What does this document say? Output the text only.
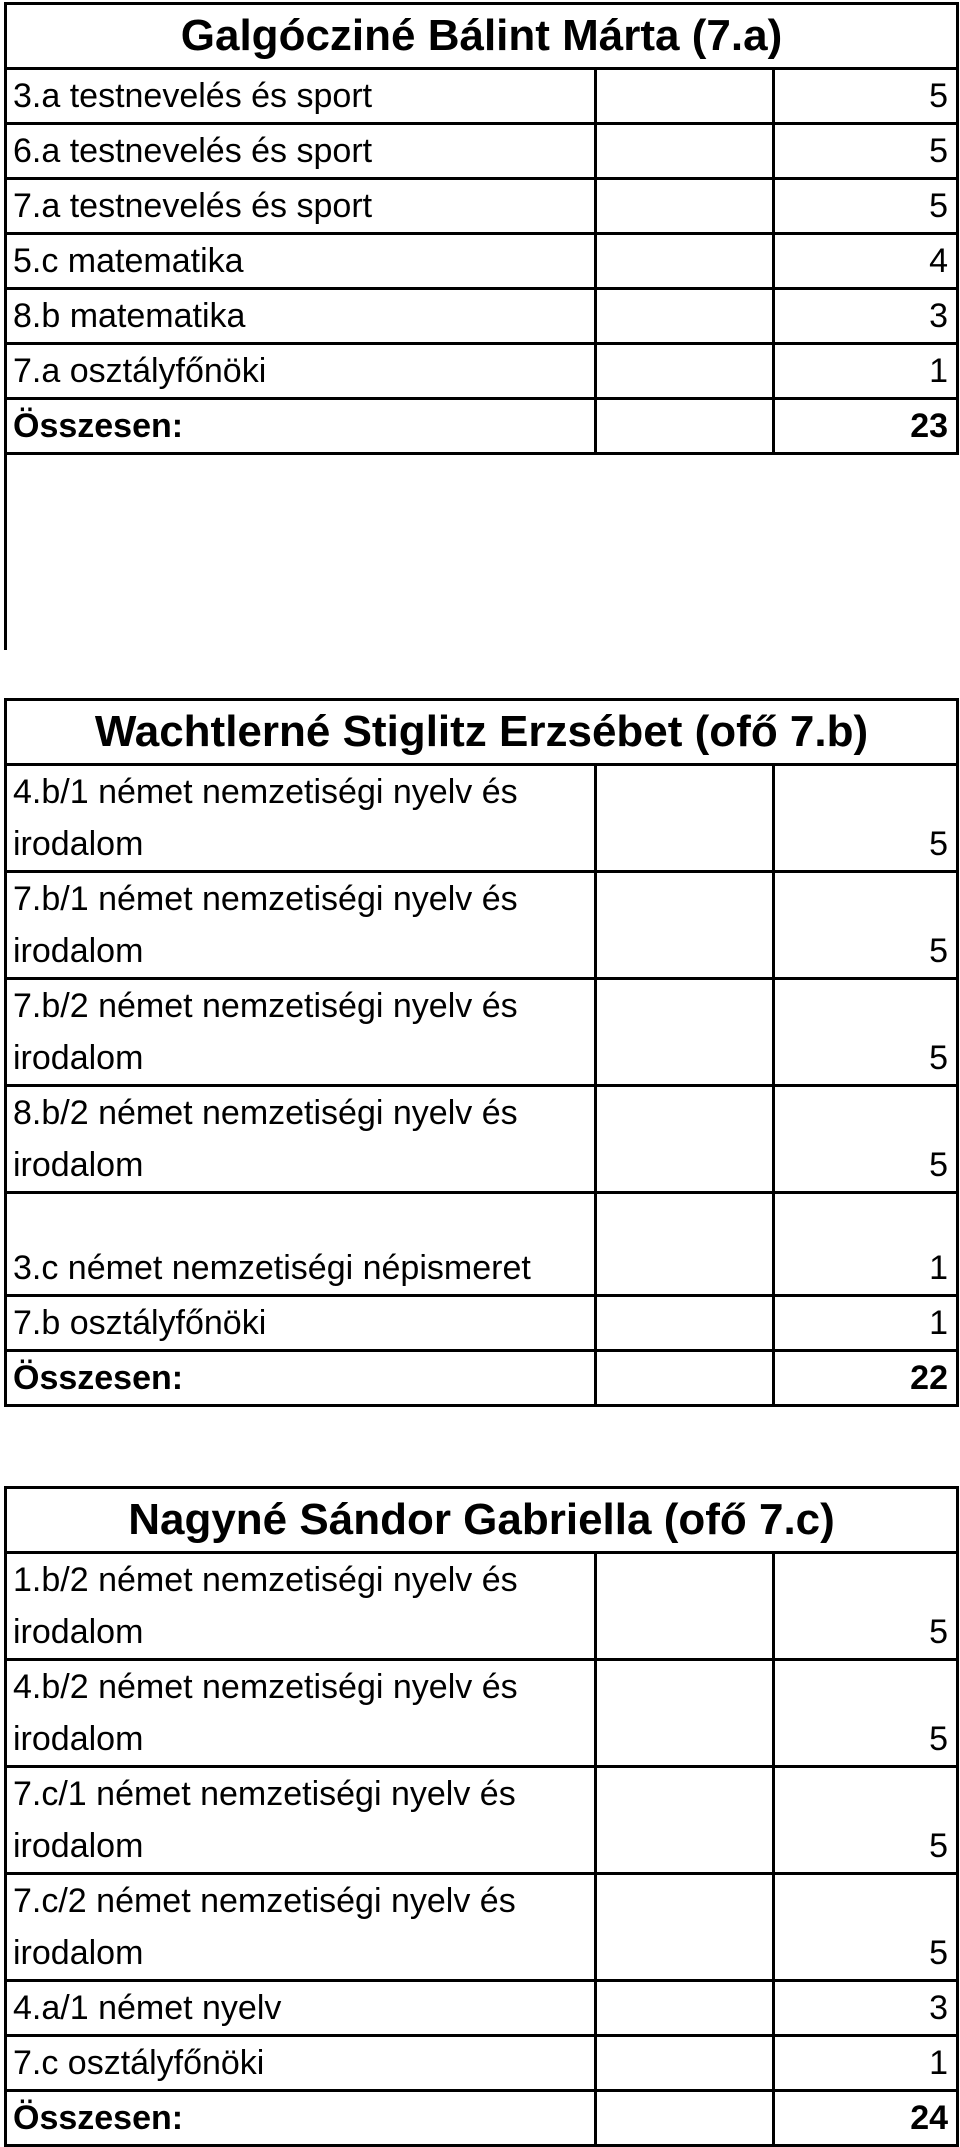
Galgócziné Bálint Márta (7.a)		
3.a testnevelés és sport		5
6.a testnevelés és sport		5
7.a testnevelés és sport		5
5.c matematika		4
8.b matematika		3
7.a osztályfőnöki		1
Összesen:		23
Wachtlerné Stiglitz Erzsébet (ofő 7.b)		
4.b/1 német nemzetiségi nyelv és
irodalom		5
7.b/1 német nemzetiségi nyelv és
irodalom		5
7.b/2 német nemzetiségi nyelv és
irodalom		5
8.b/2 német nemzetiségi nyelv és
irodalom		5
3.c német nemzetiségi népismeret		1
7.b osztályfőnöki		1
Összesen:		22
Nagyné Sándor Gabriella (ofő 7.c)		
1.b/2 német nemzetiségi nyelv és
irodalom		5
4.b/2 német nemzetiségi nyelv és
irodalom		5
7.c/1 német nemzetiségi nyelv és
irodalom		5
7.c/2 német nemzetiségi nyelv és
irodalom		5
4.a/1 német nyelv		3
7.c osztályfőnöki		1
Összesen:		24
